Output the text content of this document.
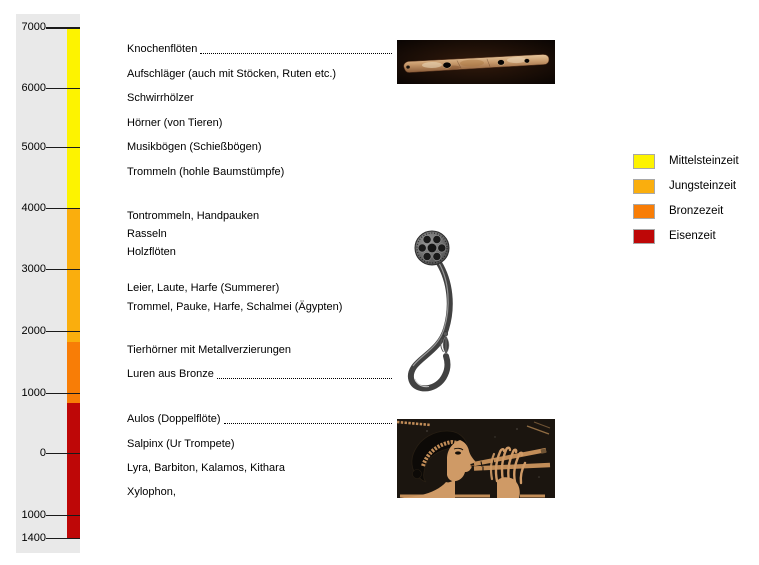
7000
6000
5000
4000
3000
2000
1000
0
1000
1400
Knochenflöten
Aufschläger (auch mit Stöcken, Ruten etc.)
Schwirrhölzer
Hörner (von Tieren)
Musikbögen (Schießbögen)
Trommeln (hohle Baumstümpfe)
Tontrommeln, Handpauken
Rasseln
Holzflöten
Leier, Laute, Harfe (Summerer)
Trommel, Pauke, Harfe, Schalmei (Ägypten)
Tierhörner mit Metallverzierungen
Luren aus Bronze
Aulos (Doppelflöte)
Salpinx (Ur Trompete)
Lyra, Barbiton, Kalamos, Kithara
Xylophon,
Mittelsteinzeit
Jungsteinzeit
Bronzezeit
Eisenzeit
